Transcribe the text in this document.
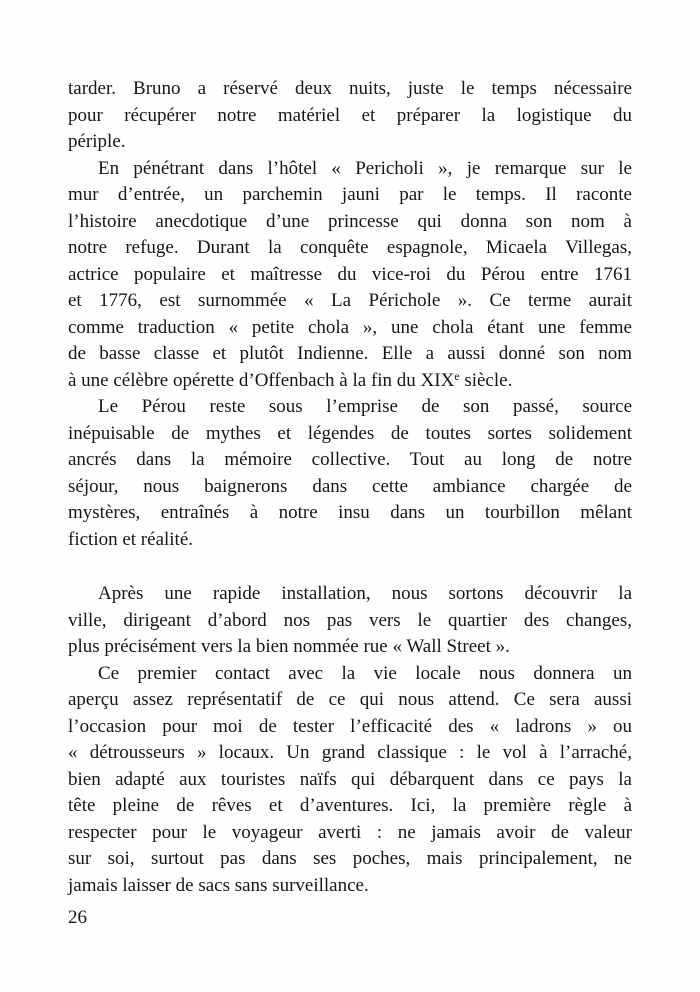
tarder. Bruno a réservé deux nuits, juste le temps nécessaire
pour récupérer notre matériel et préparer la logistique du
périple.
En pénétrant dans l’hôtel « Pericholi », je remarque sur le
mur d’entrée, un parchemin jauni par le temps. Il raconte
l’histoire anecdotique d’une princesse qui donna son nom à
notre refuge. Durant la conquête espagnole, Micaela Villegas,
actrice populaire et maîtresse du vice-roi du Pérou entre 1761
et 1776, est surnommée « La Périchole ». Ce terme aurait
comme traduction « petite chola », une chola étant une femme
de basse classe et plutôt Indienne. Elle a aussi donné son nom
à une célèbre opérette d’Offenbach à la fin du XIXe siècle.
Le Pérou reste sous l’emprise de son passé, source
inépuisable de mythes et légendes de toutes sortes solidement
ancrés dans la mémoire collective. Tout au long de notre
séjour, nous baignerons dans cette ambiance chargée de
mystères, entraînés à notre insu dans un tourbillon mêlant
fiction et réalité.
Après une rapide installation, nous sortons découvrir la
ville, dirigeant d’abord nos pas vers le quartier des changes,
plus précisément vers la bien nommée rue « Wall Street ».
Ce premier contact avec la vie locale nous donnera un
aperçu assez représentatif de ce qui nous attend. Ce sera aussi
l’occasion pour moi de tester l’efficacité des « ladrons » ou
« détrousseurs » locaux. Un grand classique : le vol à l’arraché,
bien adapté aux touristes naïfs qui débarquent dans ce pays la
tête pleine de rêves et d’aventures. Ici, la première règle à
respecter pour le voyageur averti : ne jamais avoir de valeur
sur soi, surtout pas dans ses poches, mais principalement, ne
jamais laisser de sacs sans surveillance.
26
